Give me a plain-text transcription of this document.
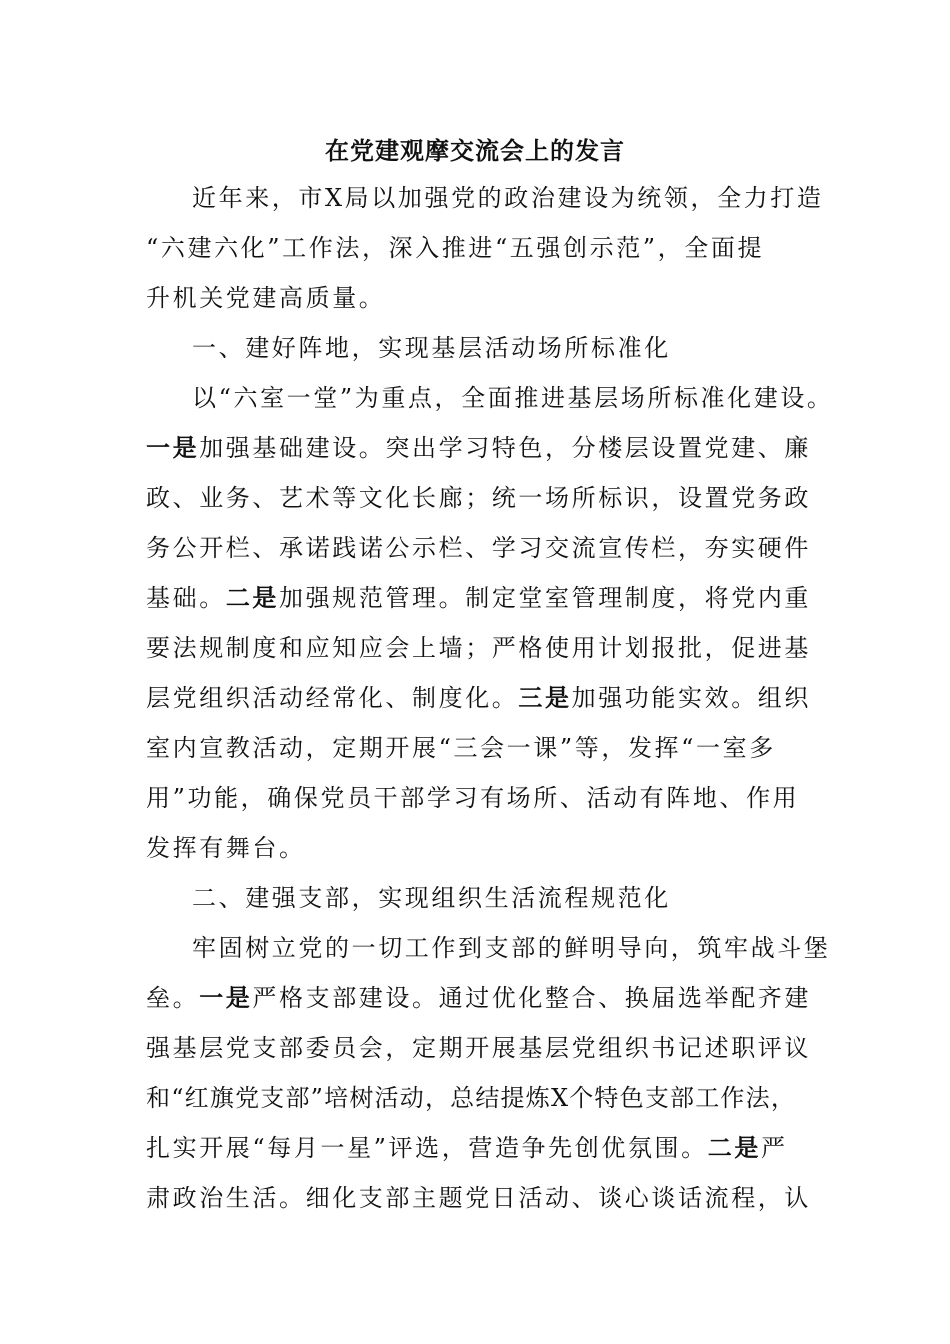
在党建观摩交流会上的发言
近年来，市X局以加强党的政治建设为统领，全力打造
“六建六化”工作法，深入推进“五强创示范”，全面提
升机关党建高质量。
一、建好阵地，实现基层活动场所标准化
以“六室一堂”为重点，全面推进基层场所标准化建设。
一是加强基础建设。突出学习特色，分楼层设置党建、廉
政、业务、艺术等文化长廊；统一场所标识，设置党务政
务公开栏、承诺践诺公示栏、学习交流宣传栏，夯实硬件
基础。二是加强规范管理。制定堂室管理制度，将党内重
要法规制度和应知应会上墙；严格使用计划报批，促进基
层党组织活动经常化、制度化。三是加强功能实效。组织
室内宣教活动，定期开展“三会一课”等，发挥“一室多
用”功能，确保党员干部学习有场所、活动有阵地、作用
发挥有舞台。
二、建强支部，实现组织生活流程规范化
牢固树立党的一切工作到支部的鲜明导向，筑牢战斗堡
垒。一是严格支部建设。通过优化整合、换届选举配齐建
强基层党支部委员会，定期开展基层党组织书记述职评议
和“红旗党支部”培树活动，总结提炼X个特色支部工作法，
扎实开展“每月一星”评选，营造争先创优氛围。二是严
肃政治生活。细化支部主题党日活动、谈心谈话流程，认
